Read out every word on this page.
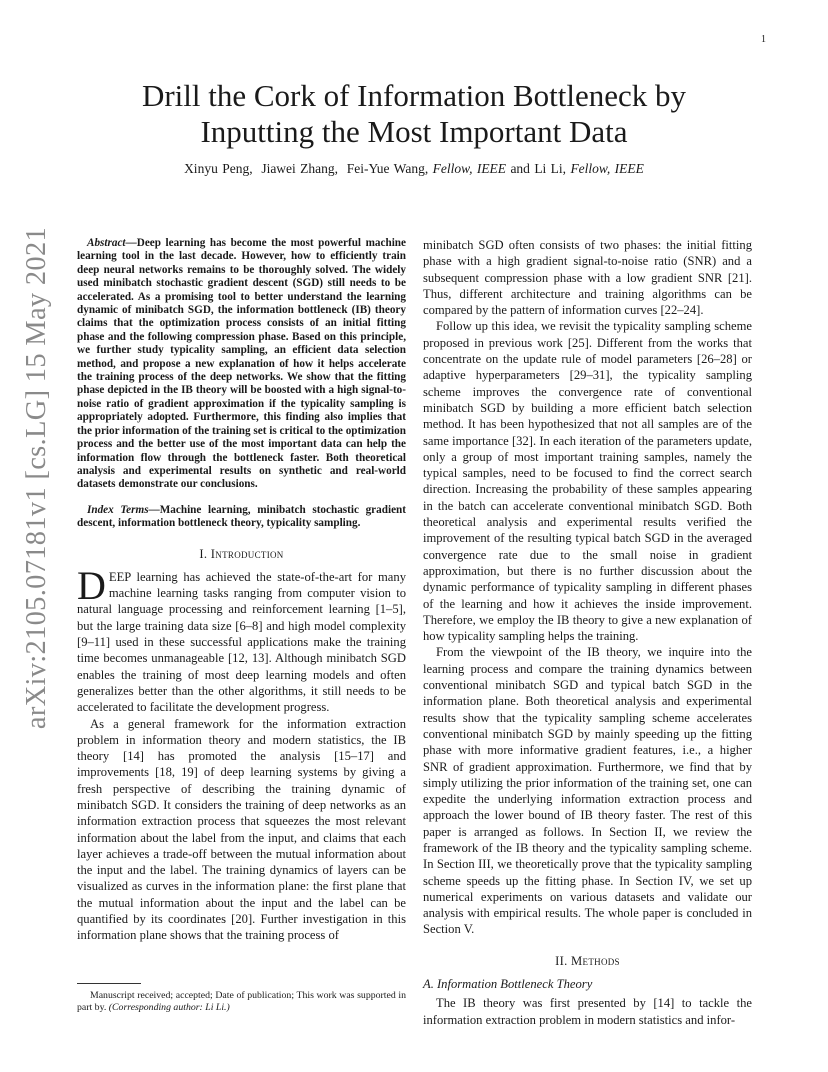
1
arXiv:2105.07181v1 [cs.LG] 15 May 2021
Drill the Cork of Information Bottleneck by
Inputting the Most Important Data
Xinyu Peng, Jiawei Zhang, Fei-Yue Wang, Fellow, IEEE and Li Li, Fellow, IEEE

Abstract—Deep learning has become the most powerful machine learning tool in the last decade. However, how to efficiently train deep neural networks remains to be thoroughly solved. The widely used minibatch stochastic gradient descent (SGD) still needs to be accelerated. As a promising tool to better understand the learning dynamic of minibatch SGD, the information bottleneck (IB) theory claims that the optimization process consists of an initial fitting phase and the following compression phase. Based on this principle, we further study typicality sampling, an efficient data selection method, and propose a new explanation of how it helps accelerate the training process of the deep networks. We show that the fitting phase depicted in the IB theory will be boosted with a high signal-to-noise ratio of gradient approximation if the typicality sampling is appropriately adopted. Furthermore, this finding also implies that the prior information of the training set is critical to the optimization process and the better use of the most important data can help the information flow through the bottleneck faster. Both theoretical analysis and experimental results on synthetic and real-world datasets demonstrate our conclusions.

Index Terms—Machine learning, minibatch stochastic gradient descent, information bottleneck theory, typicality sampling.

I. Introduction

DEEP learning has achieved the state-of-the-art for many machine learning tasks ranging from computer vision to natural language processing and reinforcement learning [1–5], but the large training data size [6–8] and high model complexity [9–11] used in these successful applications make the training time becomes unmanageable [12, 13]. Although minibatch SGD enables the training of most deep learning models and often generalizes better than the other algorithms, it still needs to be accelerated to facilitate the development progress.

As a general framework for the information extraction problem in information theory and modern statistics, the IB theory [14] has promoted the analysis [15–17] and improvements [18, 19] of deep learning systems by giving a fresh perspective of describing the training dynamic of minibatch SGD. It considers the training of deep networks as an information extraction process that squeezes the most relevant information about the label from the input, and claims that each layer achieves a trade-off between the mutual information about the input and the label. The training dynamics of layers can be visualized as curves in the information plane: the first plane that the mutual information about the input and the label can be quantified by its coordinates [20]. Further investigation in this information plane shows that the training process of

Manuscript received; accepted; Date of publication; This work was supported in part by. (Corresponding author: Li Li.)

minibatch SGD often consists of two phases: the initial fitting phase with a high gradient signal-to-noise ratio (SNR) and a subsequent compression phase with a low gradient SNR [21]. Thus, different architecture and training algorithms can be compared by the pattern of information curves [22–24].

Follow up this idea, we revisit the typicality sampling scheme proposed in previous work [25]. Different from the works that concentrate on the update rule of model parameters [26–28] or adaptive hyperparameters [29–31], the typicality sampling scheme improves the convergence rate of conventional minibatch SGD by building a more efficient batch selection method. It has been hypothesized that not all samples are of the same importance [32]. In each iteration of the parameters update, only a group of most important training samples, namely the typical samples, need to be focused to find the correct search direction. Increasing the probability of these samples appearing in the batch can accelerate conventional minibatch SGD. Both theoretical analysis and experimental results verified the improvement of the resulting typical batch SGD in the averaged convergence rate due to the small noise in gradient approximation, but there is no further discussion about the dynamic performance of typicality sampling in different phases of the learning and how it achieves the inside improvement. Therefore, we employ the IB theory to give a new explanation of how typicality sampling helps the training.

From the viewpoint of the IB theory, we inquire into the learning process and compare the training dynamics between conventional minibatch SGD and typical batch SGD in the information plane. Both theoretical analysis and experimental results show that the typicality sampling scheme accelerates conventional minibatch SGD by mainly speeding up the fitting phase with more informative gradient features, i.e., a higher SNR of gradient approximation. Furthermore, we find that by simply utilizing the prior information of the training set, one can expedite the underlying information extraction process and approach the lower bound of IB theory faster. The rest of this paper is arranged as follows. In Section II, we review the framework of the IB theory and the typicality sampling scheme. In Section III, we theoretically prove that the typicality sampling scheme speeds up the fitting phase. In Section IV, we set up numerical experiments on various datasets and validate our analysis with empirical results. The whole paper is concluded in Section V.

II. Methods
A. Information Bottleneck Theory

The IB theory was first presented by [14] to tackle the information extraction problem in modern statistics and infor-
